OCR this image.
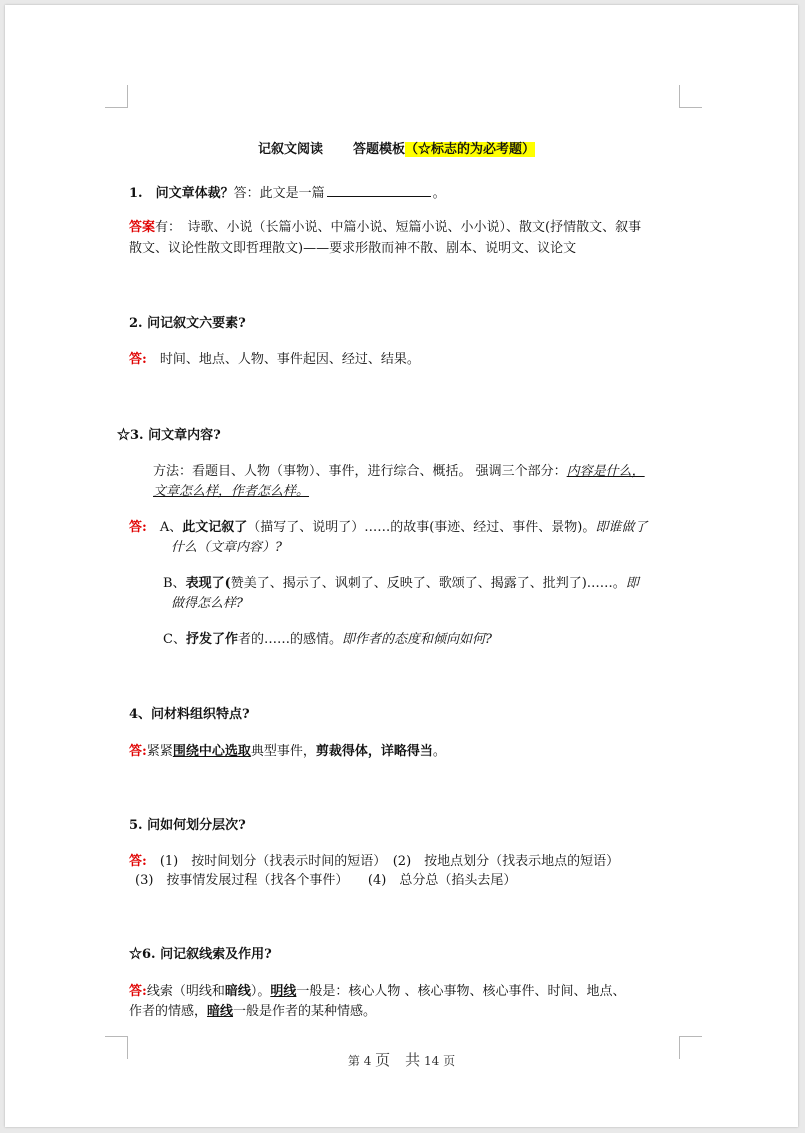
记叙文阅读 答题模板（☆标志的为必考题）
1.　问文章体裁？答：此文是一篇	。
答案有：　诗歌、小说（长篇小说、中篇小说、短篇小说、小小说）、散文(抒情散文、叙事
散文、议论性散文即哲理散文)——要求形散而神不散、剧本、说明文、议论文
2. 问记叙文六要素?
答:　时间、地点、人物、事件起因、经过、结果。
☆3. 问文章内容?
方法：看题目、人物（事物）、事件，进行综合、概括。 强调三个部分：内容是什么，
文章怎么样，作者怎么样。
答:　A、此文记叙了（描写了、说明了）……的故事(事迹、经过、事件、景物)。即谁做了
什么（文章内容）?
B、表现了(赞美了、揭示了、讽刺了、反映了、歌颂了、揭露了、批判了)……。即
做得怎么样?
C、抒发了作者的……的感情。即作者的态度和倾向如何?
4、问材料组织特点?
答:紧紧围绕中心选取典型事件，剪裁得体，详略得当。
5. 问如何划分层次?
答:　(1)　按时间划分（找表示时间的短语）　(2)　按地点划分（找表示地点的短语）
(3)　按事情发展过程（找各个事件）　　(4)　总分总（掐头去尾）
☆6. 问记叙线索及作用?
答:线索（明线和暗线）。明线一般是：核心人物 、核心事物、核心事件、时间、地点、
作者的情感，暗线一般是作者的某种情感。
第 4 页　共 14 页
